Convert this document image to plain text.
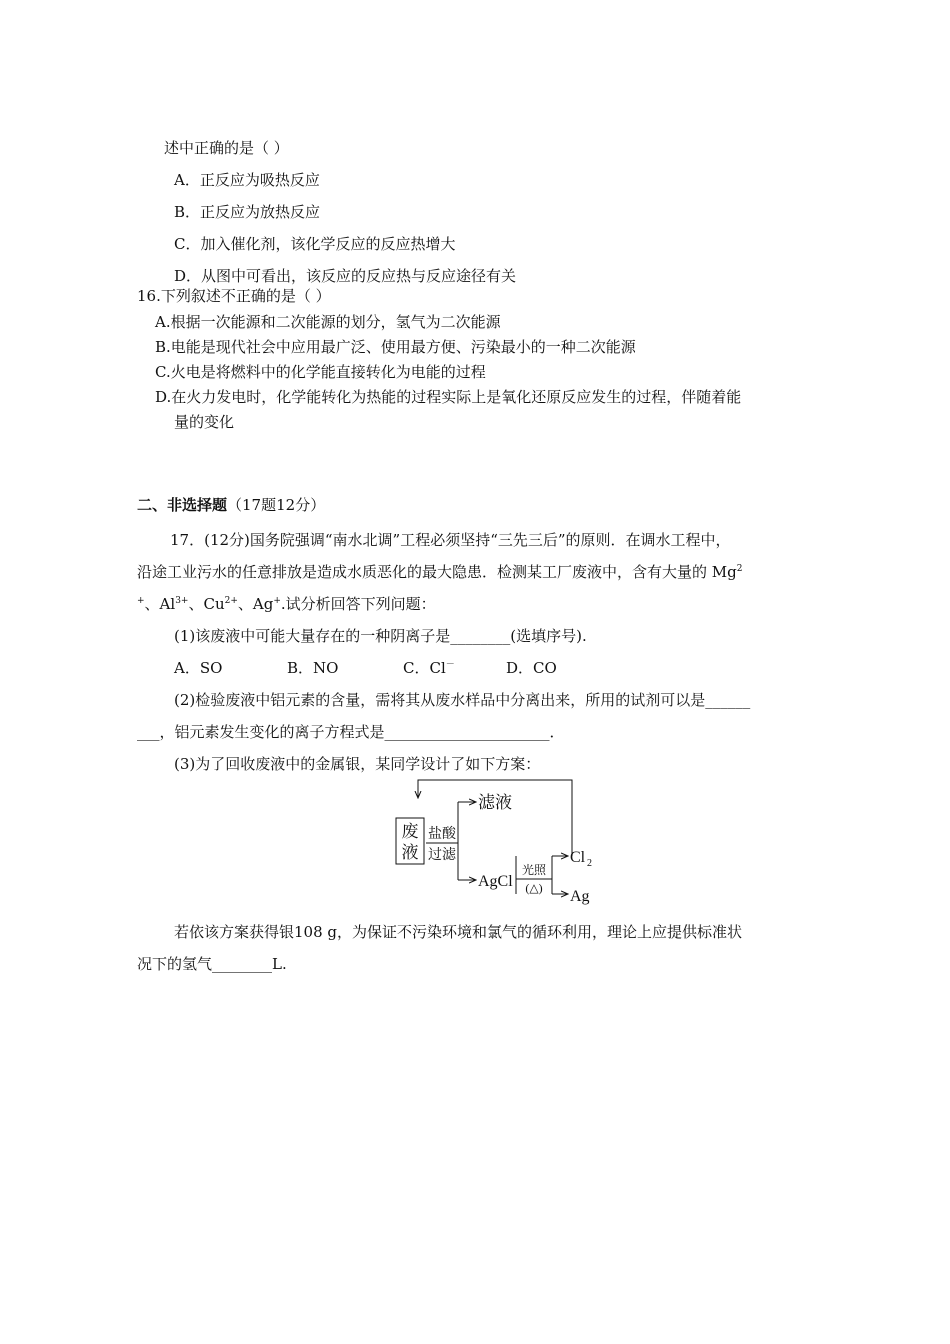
述中正确的是（ ）
A．正反应为吸热反应
B．正反应为放热反应
C．加入催化剂，该化学反应的反应热增大
D．从图中可看出，该反应的反应热与反应途径有关
16.下列叙述不正确的是（ ）
A.根据一次能源和二次能源的划分，氢气为二次能源
B.电能是现代社会中应用最广泛、使用最方便、污染最小的一种二次能源
C.火电是将燃料中的化学能直接转化为电能的过程
D.在火力发电时，化学能转化为热能的过程实际上是氧化还原反应发生的过程，伴随着能
量的变化
二、非选择题（17题12分）
17．(12分)国务院强调“南水北调”工程必须坚持“三先三后”的原则．在调水工程中，
沿途工业污水的任意排放是造成水质恶化的最大隐患．检测某工厂废液中，含有大量的 Mg$^2$
+、$Al^{3+}$、$Cu^{2+}$、Ag+.试分析回答下列问题：
(1)该废液中可能大量存在的一种阴离子是________(选填序号).
A．SO	B．NO	C．Cl－	D．CO
(2)检验废液中铝元素的含量，需将其从废水样品中分离出来，所用的试剂可以是______
___，铝元素发生变化的离子方程式是______________________．
(3)为了回收废液中的金属银，某同学设计了如下方案：
废
液
盐酸
过滤
滤液
AgCl
光照
(△)
Cl 2
Ag
若依该方案获得银108 g，为保证不污染环境和氯气的循环利用，理论上应提供标准状
况下的氢气________L.
